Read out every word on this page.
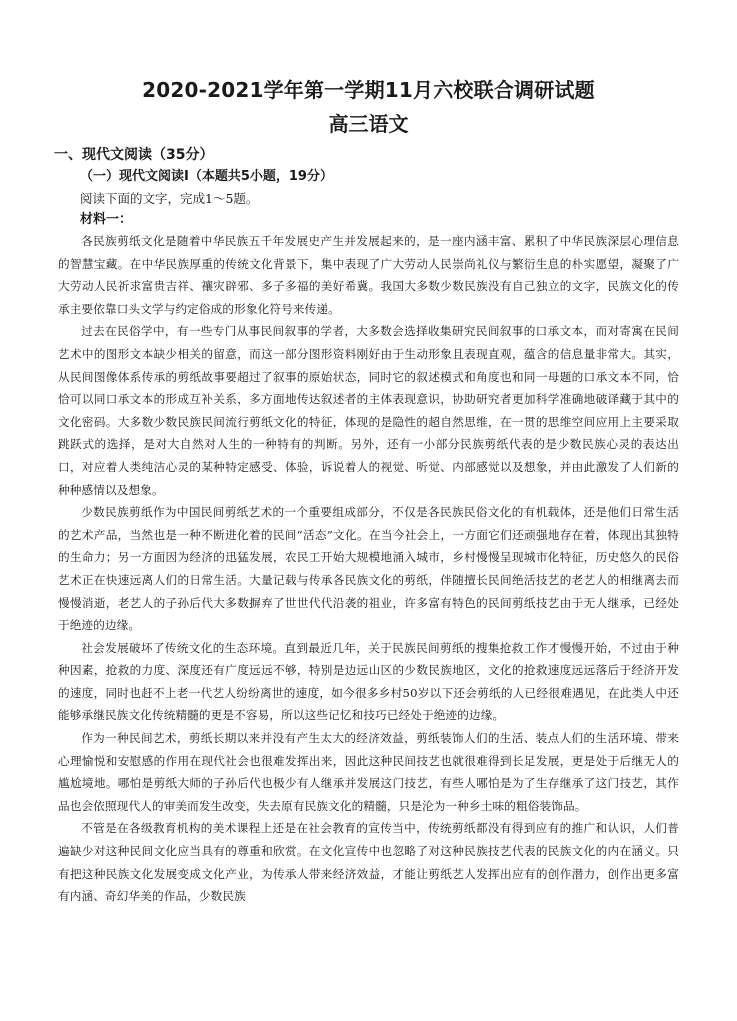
2020-2021学年第一学期11月六校联合调研试题
高三语文
一、现代文阅读（35分）
（一）现代文阅读Ⅰ（本题共5小题，19分）
阅读下面的文字，完成1～5题。
材料一：

各民族剪纸文化是随着中华民族五千年发展史产生并发展起来的，是一座内涵丰富、累积了中华民族深层心理信息的智慧宝藏。在中华民族厚重的传统文化背景下，集中表现了广大劳动人民崇尚礼仪与繁衍生息的朴实愿望，凝聚了广大劳动人民祈求富贵吉祥、禳灾辟邪、多子多福的美好希冀。我国大多数少数民族没有自己独立的文字，民族文化的传承主要依靠口头文学与约定俗成的形象化符号来传递。

过去在民俗学中，有一些专门从事民间叙事的学者，大多数会选择收集研究民间叙事的口承文本，而对寄寓在民间艺术中的图形文本缺少相关的留意，而这一部分图形资料刚好由于生动形象且表现直观，蕴含的信息量非常大。其实，从民间图像体系传承的剪纸故事要超过了叙事的原始状态，同时它的叙述模式和角度也和同一母题的口承文本不同，恰恰可以同口承文本的形成互补关系，多方面地传达叙述者的主体表现意识，协助研究者更加科学准确地破译藏于其中的文化密码。大多数少数民族民间流行剪纸文化的特征，体现的是隐性的超自然思维，在一贯的思维空间应用上主要采取跳跃式的选择，是对大自然对人生的一种特有的判断。另外，还有一小部分民族剪纸代表的是少数民族心灵的表达出口，对应着人类纯洁心灵的某种特定感受、体验，诉说着人的视觉、听觉、内部感觉以及想象，并由此激发了人们新的种种感情以及想象。

少数民族剪纸作为中国民间剪纸艺术的一个重要组成部分，不仅是各民族民俗文化的有机载体，还是他们日常生活的艺术产品，当然也是一种不断进化着的民间“活态”文化。在当今社会上，一方面它们还顽强地存在着，体现出其独特的生命力；另一方面因为经济的迅猛发展，农民工开始大规模地涌入城市，乡村慢慢呈现城市化特征，历史悠久的民俗艺术正在快速远离人们的日常生活。大量记载与传承各民族文化的剪纸，伴随擅长民间绝活技艺的老艺人的相继离去而慢慢消逝，老艺人的子孙后代大多数摒弃了世世代代沿袭的祖业，许多富有特色的民间剪纸技艺由于无人继承，已经处于绝迹的边缘。

社会发展破坏了传统文化的生态环境。直到最近几年，关于民族民间剪纸的搜集抢救工作才慢慢开始，不过由于种种因素，抢救的力度、深度还有广度远远不够，特别是边远山区的少数民族地区，文化的抢救速度远远落后于经济开发的速度，同时也赶不上老一代艺人纷纷离世的速度，如今很多乡村50岁以下还会剪纸的人已经很难遇见，在此类人中还能够承继民族文化传统精髓的更是不容易，所以这些记忆和技巧已经处于绝迹的边缘。

作为一种民间艺术，剪纸长期以来并没有产生太大的经济效益，剪纸装饰人们的生活、装点人们的生活环境、带来心理愉悦和安慰感的作用在现代社会也很难发挥出来，因此这种民间技艺也就很难得到长足发展，更是处于后继无人的尴尬境地。哪怕是剪纸大师的子孙后代也极少有人继承并发展这门技艺，有些人哪怕是为了生存继承了这门技艺，其作品也会依照现代人的审美而发生改变，失去原有民族文化的精髓，只是沦为一种乡土味的粗俗装饰品。

不管是在各级教育机构的美术课程上还是在社会教育的宣传当中，传统剪纸都没有得到应有的推广和认识，人们普遍缺少对这种民间文化应当具有的尊重和欣赏。在文化宣传中也忽略了对这种民族技艺代表的民族文化的内在涵义。只有把这种民族文化发展变成文化产业，为传承人带来经济效益，才能让剪纸艺人发挥出应有的创作潜力，创作出更多富有内涵、奇幻华美的作品，少数民族
